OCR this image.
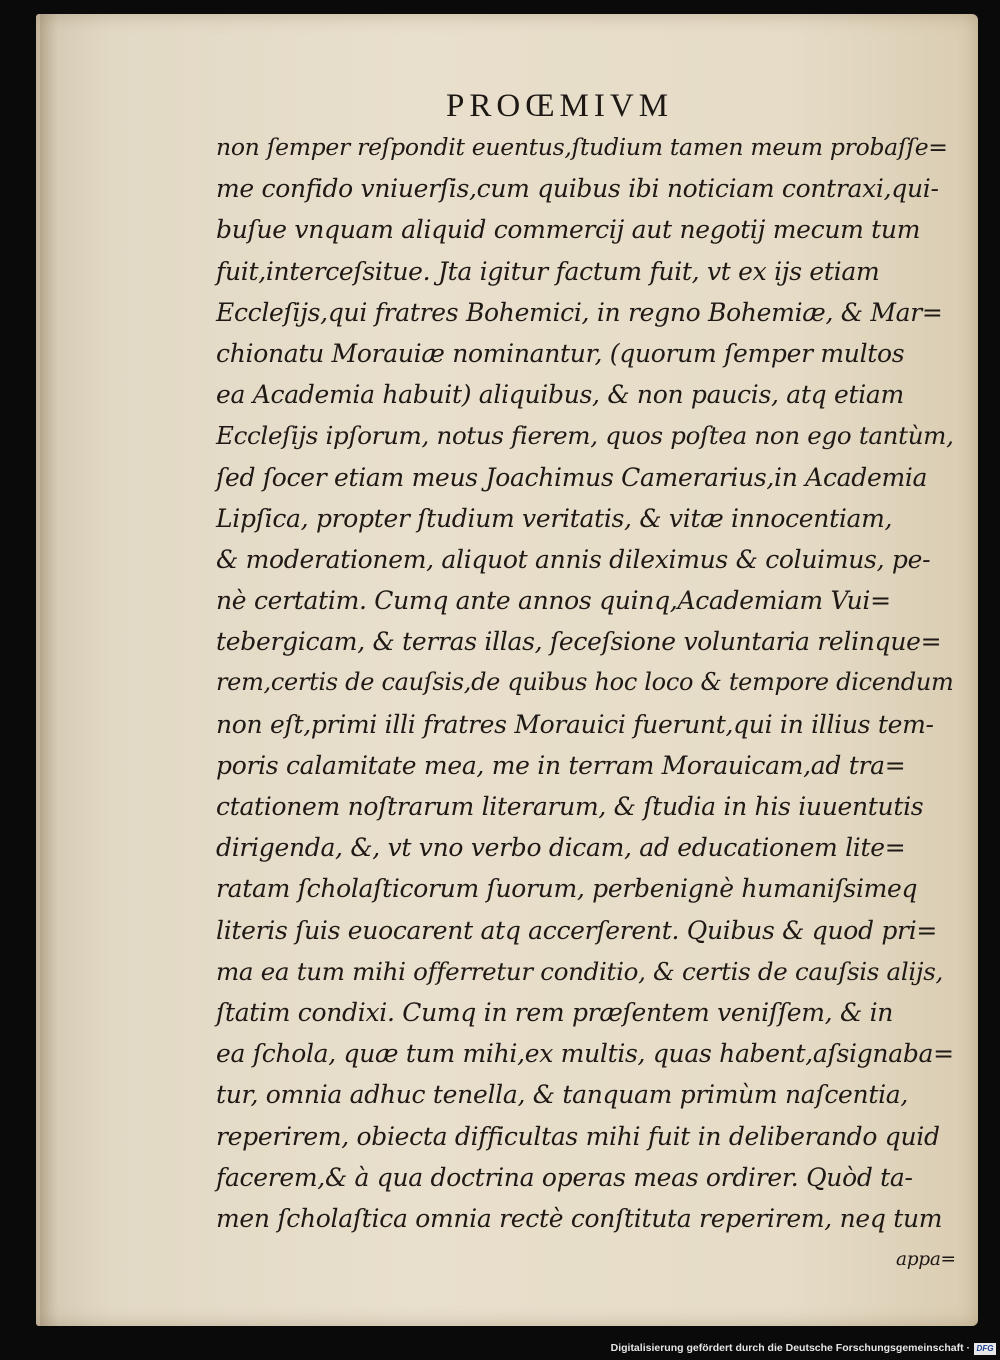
PROŒMIVM
non ſemper reſpondit euentus,ſtudium tamen meum probaſſe=
me confido vniuerſis,cum quibus ibi noticiam contraxi,qui-
buſue vnquam aliquid commercij aut negotij mecum tum
fuit,interceſsitue. Jta igitur factum fuit, vt ex ijs etiam
Eccleſijs,qui fratres Bohemici, in regno Bohemiæ, & Mar=
chionatu Morauiæ nominantur, (quorum ſemper multos
ea Academia habuit) aliquibus, & non paucis, atq etiam
Eccleſijs ipſorum, notus fierem, quos poſtea non ego tantùm,
ſed ſocer etiam meus Joachimus Camerarius,in Academia
Lipſica, propter ſtudium veritatis, & vitæ innocentiam,
& moderationem, aliquot annis dileximus & coluimus, pe-
nè certatim. Cumq ante annos quinq,Academiam Vui=
tebergicam, & terras illas, ſeceſsione voluntaria relinque=
rem,certis de cauſsis,de quibus hoc loco & tempore dicendum
non eſt,primi illi fratres Morauici fuerunt,qui in illius tem-
poris calamitate mea, me in terram Morauicam,ad tra=
ctationem noſtrarum literarum, & ſtudia in his iuuentutis
dirigenda, &, vt vno verbo dicam, ad educationem lite=
ratam ſcholaſticorum ſuorum, perbenignè humaniſsimeq
literis ſuis euocarent atq accerſerent. Quibus & quod pri=
ma ea tum mihi offerretur conditio, & certis de cauſsis alijs,
ſtatim condixi. Cumq in rem præſentem veniſſem, & in
ea ſchola, quæ tum mihi,ex multis, quas habent,aſsignaba=
tur, omnia adhuc tenella, & tanquam primùm naſcentia,
reperirem, obiecta difficultas mihi fuit in deliberando quid
facerem,& à qua doctrina operas meas ordirer. Quòd ta-
men ſcholaſtica omnia rectè conſtituta reperirem, neq tum
appa=
Digitalisierung gefördert durch die Deutsche Forschungsgemeinschaft · DFG
